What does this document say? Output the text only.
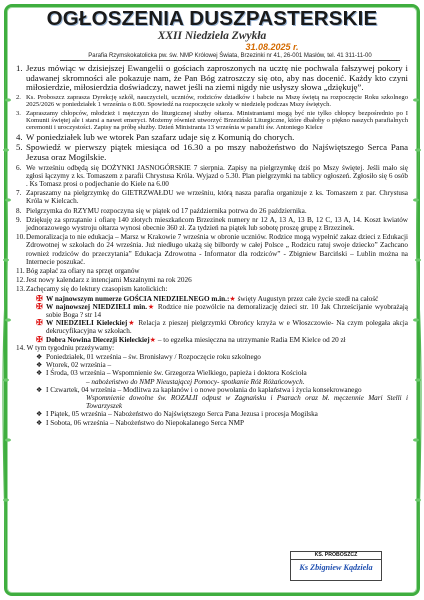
OGŁOSZENIA DUSZPASTERSKIE
XXII Niedziela Zwykła
31.08.2025 r.
Parafia Rzymskokatolicka pw. św. NMP Królowej Świata, Brzezinki nr 41, 26-001 Masłów, tel. 41 311-11-00
1. Jezus mówiąc w dzisiejszej Ewangelii o gościach zaproszonych na ucztę nie pochwala fałszywej pokory i udawanej skromności ale pokazuje nam, że Pan Bóg zatroszczy się oto, aby nas docenić. Każdy kto czyni miłosierdzie, miłosierdzia doświadczy, nawet jeśli na ziemi nigdy nie usłyszy słowa „dziękuję”.
2. Ks. Proboszcz zaprasza Dyrekcję szkół, nauczycieli, uczniów, rodziców dziadków i babcie na Mszę świętą na rozpoczęcie Roku szkolnego 2025/2026 w poniedziałek 1 września o 8.00. Spowiedź na rozpoczęcie szkoły w niedzielę podczas Mszy świętych.
3. Zapraszamy chłopców, młodzież i mężczyzn do liturgicznej służby ołtarza. Ministrantami mogą być nie tylko chłopcy bezpośrednio po I Komunii świętej ale i starsi a nawet emeryci. Możemy również utworzyć Brzeziński Liturgiczne, które dbałoby o piękno naszych parafialnych ceremonii i uroczystości. Zapisy na próbę służby. Dzień Ministranta 13 września w parafii św. Antoniego Kielce
4. W poniedziałek lub we wtorek Pan szafarz udaje się z Komunią do chorych.
5. Spowiedź w pierwszy piątek miesiąca od 16.30 a po mszy nabożeństwo do Najświętszego Serca Pana Jezusa oraz Mogilskie.
6. We wrześniu odbędą się DOŻYNKI JASNOGÓRSKIE 7 sierpnia. Zapisy na pielgrzymkę dziś po Mszy świętej. Jeśli mało się zgłosi łączymy z ks. Tomaszem z parafii Chrystusa Króla. Wyjazd o 5.30. Plan pielgrzymki na tablicy ogłoszeń. Zgłosiło się 6 osób . Ks Tomasz prosi o podjechanie do Kiele na 6.00
7. Zapraszamy na pielgrzymkę do GIETRZWAŁDU we wrześniu, którą nasza parafia organizuje z ks. Tomaszem z par. Chrystusa Króla w Kielcach.
8. Pielgrzymka do RZYMU rozpoczyna się w piątek od 17 października potrwa do 26 października.
9. Dziękuję za sprzątanie i ofiarę 140 złotych mieszkańcom Brzezinek numery nr 12 A, 13 A, 13 B, 12 C, 13 A, 14. Koszt kwiatów jednorazowego wystroju ołtarza wynosi obecnie 360 zł. Za tydzień na piątek lub sobotę proszę grupę z Brzezinek.
10. Demoralizacja to nie edukacja – Marsz w Krakowie 7 września w obronie uczniów. Rodzice mogą wypełnić zakaz dzieci z Edukacji Zdrowotnej w szkołach do 24 września. Już niedługo ukażą się bilbordy w całej Polsce „ Rodzicu ratuj swoje dziecko” Zachcano rownież rodziców do przeczytania” Edukacja Zdrowotna - Informator dla rodziców” - Zbigniew Barciński – Lublin można na Internecie poszukać.
11. Bóg zapłać za ofiary na sprzęt organów
12. Jest nowy kalendarz z intencjami Mszalnymi na rok 2026
13. Zachęcamy się do lektury czasopism katolickich:
✠ W najnowszym numerze GOŚCIA NIEDZIELNEGO m.in.:★ święty Augustyn przez całe życie szedł na całość
✠ W najnowszej NIEDZIELI min.★ Rodzice nie pozwólcie na demoralizację dzieci str. 10 Jak Chrześcijanie wyobrażają sobie Boga ? str 14
✠ W NIEDZIELI Kieleckiej★ Relacja z pieszej pielgrzymki Obrońcy krzyża w e Włoszczowie- Na czym polegała akcja dekrucyfikacyjna w szkołach.
✠ Dobra Nowina Diecezji Kieleckiej★ – to egzelka miesięczna na utrzymanie Radia EM Kielce od 20 zł
14. W tym tygodniu przeżywamy:
❖ Poniedziałek, 01 września – św. Bronisławy / Rozpoczęcie roku szkolnego
❖ Wtorek, 02 września –
❖ I Środa, 03 września – Wspomnienie św. Grzegorza Wielkiego, papieża i doktora Kościoła
– nabożeństwo do NMP Nieustającej Pomocy- spotkanie Róż Różańcowych.
❖ I Czwartek, 04 września – Modlitwa za kapłanów i o nowe powołania do kapłaństwa i życia konsekrowanego
Wspomnienie dowolne św. ROZALII odpust w Zagnańsku i Psarach oraz bł. męczennie Mari Stelli i Towarzyszek
❖ I Piątek, 05 września – Nabożeństwo do Najświętszego Serca Pana Jezusa i procesja Mogilska
❖ I Sobota, 06 września – Nabożeństwo do Niepokalanego Serca NMP
KS. PROBOSZCZ
Ks Zbigniew Kądziela
